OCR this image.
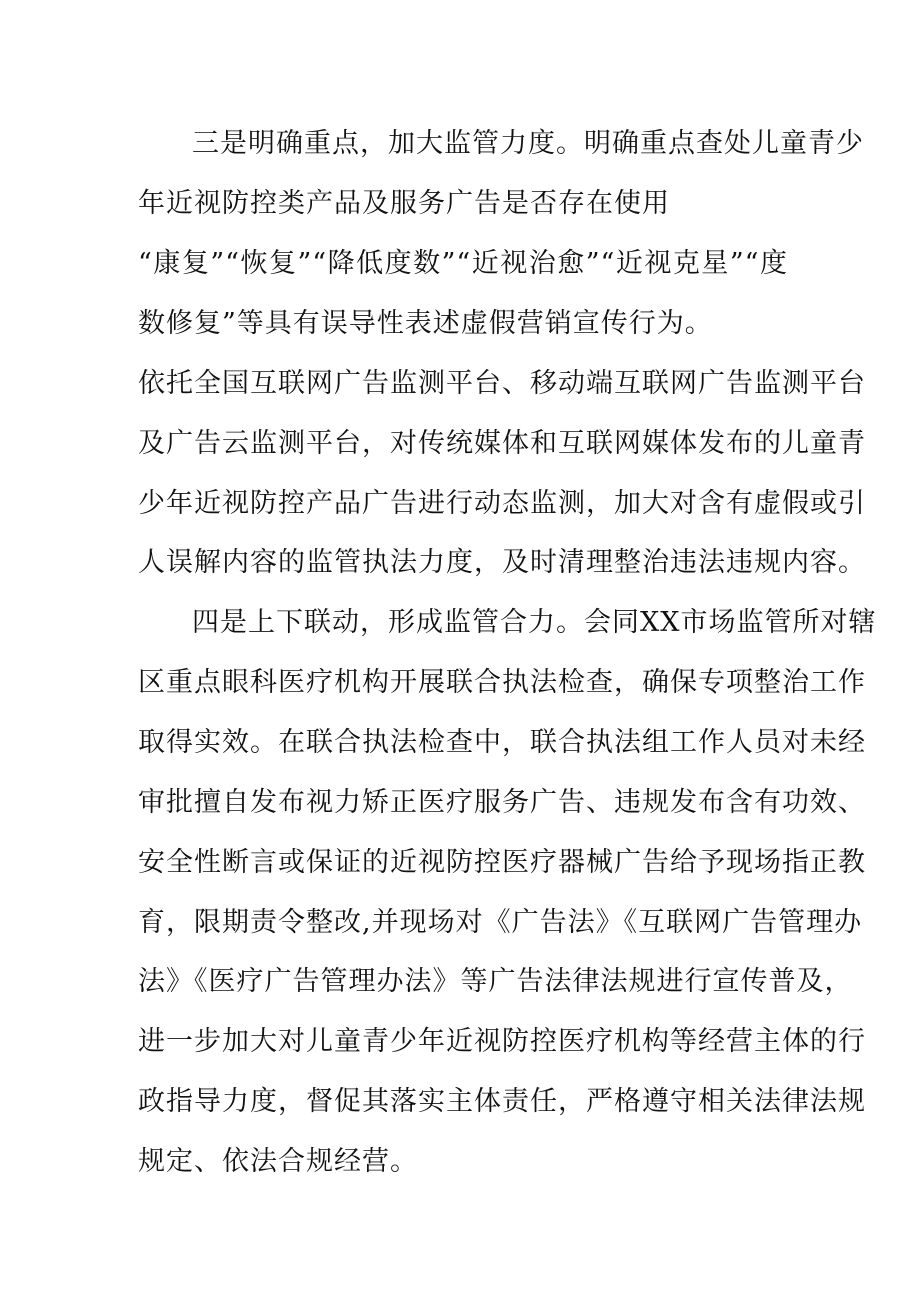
三是明确重点，加大监管力度。明确重点查处儿童青少
年近视防控类产品及服务广告是否存在使用
“康复”“恢复”“降低度数”“近视治愈”“近视克星”“度
数修复”等具有误导性表述虚假营销宣传行为。
依托全国互联网广告监测平台、移动端互联网广告监测平台
及广告云监测平台，对传统媒体和互联网媒体发布的儿童青
少年近视防控产品广告进行动态监测，加大对含有虚假或引
人误解内容的监管执法力度，及时清理整治违法违规内容。
四是上下联动，形成监管合力。会同XX市场监管所对辖
区重点眼科医疗机构开展联合执法检查，确保专项整治工作
取得实效。在联合执法检查中，联合执法组工作人员对未经
审批擅自发布视力矫正医疗服务广告、违规发布含有功效、
安全性断言或保证的近视防控医疗器械广告给予现场指正教
育，限期责令整改,并现场对《广告法》《互联网广告管理办
法》《医疗广告管理办法》等广告法律法规进行宣传普及，
进一步加大对儿童青少年近视防控医疗机构等经营主体的行
政指导力度，督促其落实主体责任，严格遵守相关法律法规
规定、依法合规经营。
